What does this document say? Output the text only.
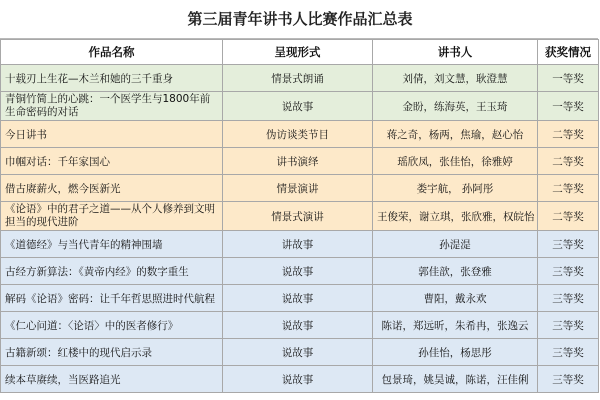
第三届青年讲书人比赛作品汇总表
作品名称	呈现形式	讲书人	获奖情况
十载刃上生花—木兰和她的三千重身	情景式朗诵	刘倩，刘文慧，耿澄慧	一等奖
青铜竹简上的心跳：一个医学生与1800年前生命密码的对话	说故事	金盼，练海英，王玉琦	一等奖
今日讲书	伪访谈类节目	蒋之奇，杨两，焦瑜，赵心怡	二等奖
巾帼对话：千年家国心	讲书演绎	瑶欣凤，张佳怡，徐雅婷	二等奖
借古赓薪火，燃今医新光	情景演讲	娄宇航， 孙阿彤	二等奖
《论语》中的君子之道——从个人修养到文明担当的现代进阶	情景式演讲	王俊荣，谢立琪，张欣雅，权皖怡	二等奖
《道德经》与当代青年的精神围墙	讲故事	孙湜湜	三等奖
古经方新算法：《黄帝内经》的数字重生	说故事	郭佳歆，张登雅	三等奖
解码《论语》密码：让千年哲思照进时代航程	说故事	曹阳，戴永欢	三等奖
《仁心问道：〈论语〉中的医者修行》	说故事	陈诺，郑远昕，朱希冉，张逸云	三等奖
古籍新颂：红楼中的现代启示录	说故事	孙佳怡，杨思彤	三等奖
续本草赓续，当医路追光	说故事	包景琦，姚昊诚，陈诺，汪佳俐	三等奖
